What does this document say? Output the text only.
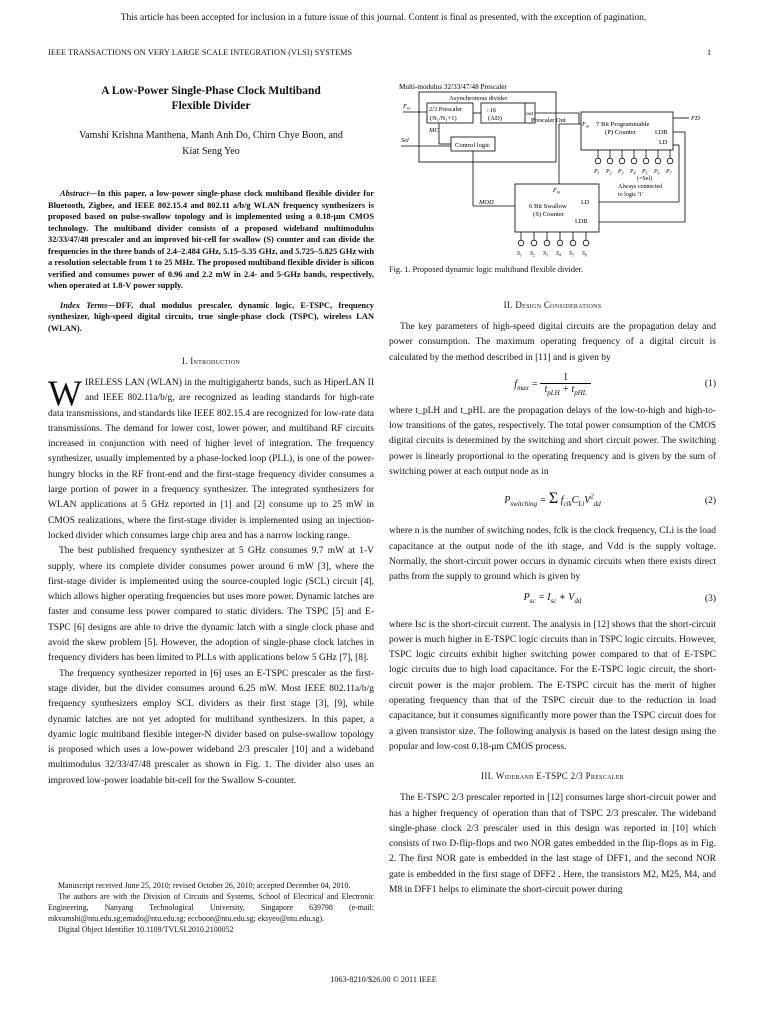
This article has been accepted for inclusion in a future issue of this journal. Content is final as presented, with the exception of pagination.
IEEE TRANSACTIONS ON VERY LARGE SCALE INTEGRATION (VLSI) SYSTEMS	1
A Low-Power Single-Phase Clock Multiband
Flexible Divider
Vamshi Krishna Manthena, Manh Anh Do, Chirn Chye Boon, and
Kiat Seng Yeo

Abstract—In this paper, a low-power single-phase clock multiband flexible divider for Bluetooth, Zigbee, and IEEE 802.15.4 and 802.11 a/b/g WLAN frequency synthesizers is proposed based on pulse-swallow topology and is implemented using a 0.18-μm CMOS technology. The multiband divider consists of a proposed wideband multimodulus 32/33/47/48 prescaler and an improved bit-cell for swallow (S) counter and can divide the frequencies in the three bands of 2.4–2.484 GHz, 5.15–5.35 GHz, and 5.725–5.825 GHz with a resolution selectable from 1 to 25 MHz. The proposed multiband flexible divider is silicon verified and consumes power of 0.96 and 2.2 mW in 2.4- and 5-GHz bands, respectively, when operated at 1.8-V power supply.

Index Terms—DFF, dual modulus prescaler, dynamic logic, E-TSPC, frequency synthesizer, high-speed digital circuits, true single-phase clock (TSPC), wireless LAN (WLAN).

I. Introduction

WIRELESS LAN (WLAN) in the multigigahertz bands, such as HiperLAN II and IEEE 802.11a/b/g, are recognized as leading standards for high-rate data transmissions, and standards like IEEE 802.15.4 are recognized for low-rate data transmissions. The demand for lower cost, lower power, and multiband RF circuits increased in conjunction with need of higher level of integration. The frequency synthesizer, usually implemented by a phase-locked loop (PLL), is one of the power-hungry blocks in the RF front-end and the first-stage frequency divider consumes a large portion of power in a frequency synthesizer. The integrated synthesizers for WLAN applications at 5 GHz reported in [1] and [2] consume up to 25 mW in CMOS realizations, where the first-stage divider is implemented using an injection-locked divider which consumes large chip area and has a narrow locking range.

The best published frequency synthesizer at 5 GHz consumes 9.7 mW at 1-V supply, where its complete divider consumes power around 6 mW [3], where the first-stage divider is implemented using the source-coupled logic (SCL) circuit [4], which allows higher operating frequencies but uses more power. Dynamic latches are faster and consume less power compared to static dividers. The TSPC [5] and E-TSPC [6] designs are able to drive the dynamic latch with a single clock phase and avoid the skew problem [5]. However, the adoption of single-phase clock latches in frequency dividers has been limited to PLLs with applications below 5 GHz [7], [8].

The frequency synthesizer reported in [6] uses an E-TSPC prescaler as the first-stage divider, but the divider consumes around 6.25 mW. Most IEEE 802.11a/b/g frequency synthesizers employ SCL dividers as their first stage [3], [9], while dynamic latches are not yet adopted for multiband synthesizers. In this paper, a dyamic logic multiband flexible integer-N divider based on pulse-swallow topology is proposed which uses a low-power wideband 2/3 prescaler [10] and a wideband multimodulus 32/33/47/48 prescaler as shown in Fig. 1. The divider also uses an improved low-power loadable bit-cell for the Swallow S-counter.

Manuscript received June 25, 2010; revised October 26, 2010; accepted December 04, 2010.

The authors are with the Division of Circuits and Systems, School of Electrical and Electronic Engineering, Nanyang Technological University, Singapore 639798 (e-mail: mkvamshi@ntu.edu.sg;emado@ntu.edu.sg; eccboon@ntu.edu.sg; eksyeo@ntu.edu.sg).

Digital Object Identifier 10.1109/TVLSI.2010.2100052

Multi-modulus 32/33/47/48 Prescaler
Asynchronous divider
2/3 Prescaler
$(N_1/N_1+1)$
÷16
(AD)
out
Control logic
$F_{in}$
MC
Sel
Prescaler Out
$F_{in}$ 7 Bit Programmable
(P) Counter	LDB
LD
FD
$P_1$ $P_2$ $P_3$ $P_4$ $P_5$ $P_6$ $P_7$
(=Sel)
Always connected
to logic '1'
$F_{in}$
6 Bit Swallow
(S) Counter
LD
LDB
MOD
$S_1$ $S_2$ $S_3$ $S_4$ $S_5$ $S_6$
Fig. 1. Proposed dynamic logic multiband flexible divider.
II. Design Considerations

The key parameters of high-speed digital circuits are the propagation delay and power consumption. The maximum operating frequency of a digital circuit is calculated by the method described in [11] and is given by

$f_{max} = \frac{1}{t_{pLH} + t_{pHL}}$	(1)

where t_pLH and t_pHL are the propagation delays of the low-to-high and high-to-low transitions of the gates, respectively. The total power consumption of the CMOS digital circuits is determined by the switching and short circuit power. The switching power is linearly proportional to the operating frequency and is given by the sum of switching power at each output node as in

$P_{switching} = \Sigma$ $f_{clk}C_{Li}V^2_{dd}$	(2)

where n is the number of switching nodes, fclk is the clock frequency, CLi is the load capacitance at the output node of the ith stage, and Vdd is the supply voltage. Normally, the short-circuit power occurs in dynamic circuits when there exists direct paths from the supply to ground which is given by

$P_{sc} = I_{sc}$ ∗ $V_{dd}$	(3)

where Isc is the short-circuit current. The analysis in [12] shows that the short-circuit power is much higher in E-TSPC logic circuits than in TSPC logic circuits. However, TSPC logic circuits exhibit higher switching power compared to that of E-TSPC logic circuits due to high load capacitance. For the E-TSPC logic circuit, the short-circuit power is the major problem. The E-TSPC circuit has the merit of higher operating frequency than that of the TSPC circuit due to the reduction in load capacitance, but it consumes significantly more power than the TSPC circuit does for a given transistor size. The following analysis is based on the latest design using the popular and low-cost 0.18-μm CMOS process.

III. Wideband E-TSPC 2/3 Prescaler

The E-TSPC 2/3 prescaler reported in [12] consumes large short-circuit power and has a higher frequency of operation than that of TSPC 2/3 prescaler. The wideband single-phase clock 2/3 prescaler used in this design was reported in [10] which consists of two D-flip-flops and two NOR gates embedded in the flip-flops as in Fig. 2. The first NOR gate is embedded in the last stage of DFF1, and the second NOR gate is embedded in the first stage of DFF2 . Here, the transistors M2, M25, M4, and M8 in DFF1 helps to eliminate the short-circuit power during

1063-8210/$26.00 © 2011 IEEE
